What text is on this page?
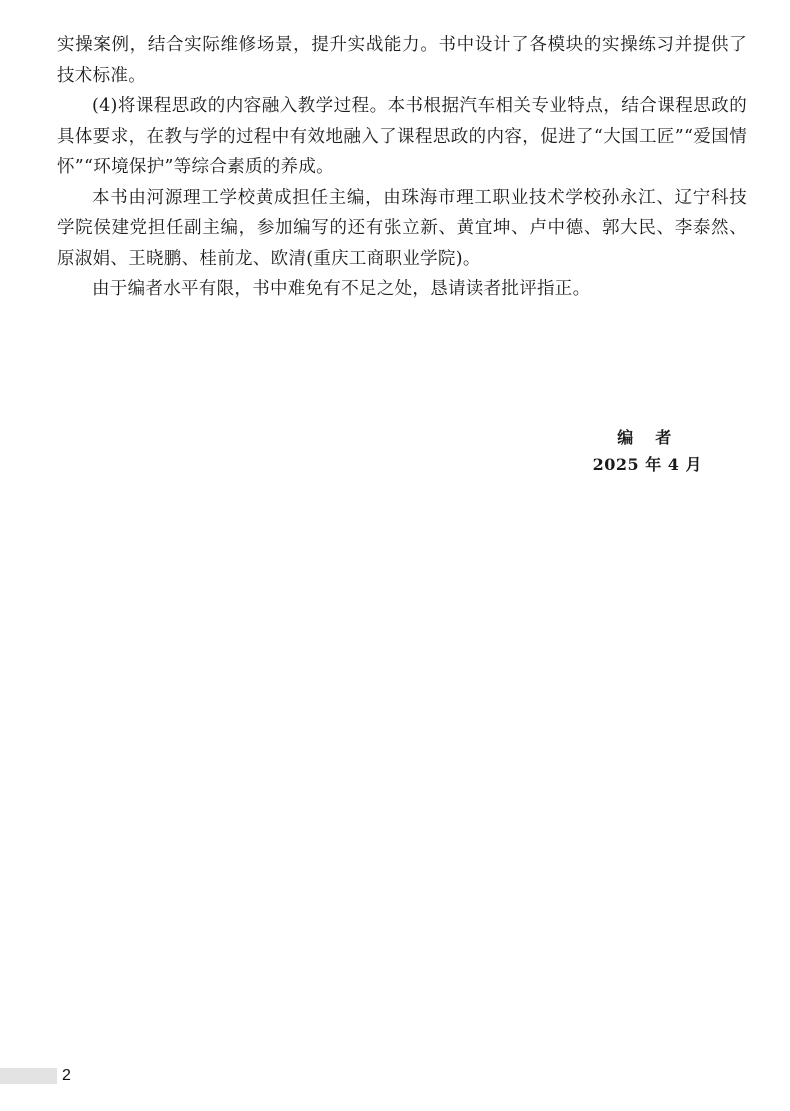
实操案例，结合实际维修场景，提升实战能力。书中设计了各模块的实操练习并提供了技术标准。

(4)将课程思政的内容融入教学过程。本书根据汽车相关专业特点，结合课程思政的具体要求，在教与学的过程中有效地融入了课程思政的内容，促进了“大国工匠”“爱国情怀”“环境保护”等综合素质的养成。

本书由河源理工学校黄成担任主编，由珠海市理工职业技术学校孙永江、辽宁科技学院侯建党担任副主编，参加编写的还有张立新、黄宜坤、卢中德、郭大民、李泰然、原淑娟、王晓鹏、桂前龙、欧清(重庆工商职业学院)。

由于编者水平有限，书中难免有不足之处，恳请读者批评指正。

编者
2025 年 4 月
2
